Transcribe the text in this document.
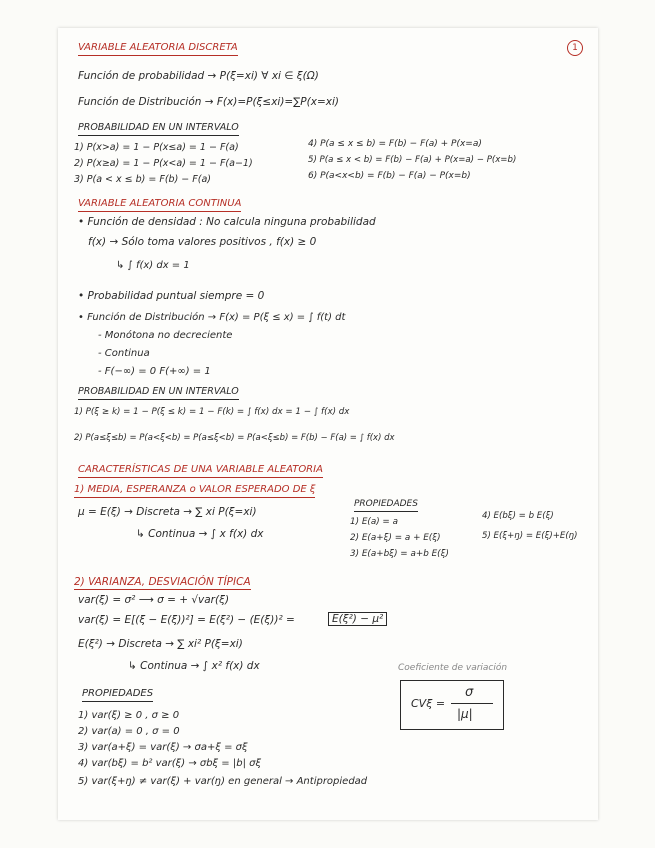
1
VARIABLE ALEATORIA DISCRETA
Función de probabilidad → P(ξ=xi) ∀ xi ∈ ξ(Ω)
Función de Distribución → F(x)=P(ξ≤xi)=∑P(x=xi)
PROBABILIDAD EN UN INTERVALO
1) P(x>a) = 1 − P(x≤a) = 1 − F(a)
2) P(x≥a) = 1 − P(x<a) = 1 − F(a−1)
3) P(a < x ≤ b) = F(b) − F(a)
4) P(a ≤ x ≤ b) = F(b) − F(a) + P(x=a)
5) P(a ≤ x < b) = F(b) − F(a) + P(x=a) − P(x=b)
6) P(a<x<b) = F(b) − F(a) − P(x=b)
VARIABLE ALEATORIA CONTINUA
• Función de densidad : No calcula ninguna probabilidad
f(x) → Sólo toma valores positivos , f(x) ≥ 0
↳ ∫ f(x) dx = 1
• Probabilidad puntual siempre = 0
• Función de Distribución → F(x) = P(ξ ≤ x) = ∫ f(t) dt
- Monótona no decreciente
- Continua
- F(−∞) = 0 F(+∞) = 1
PROBABILIDAD EN UN INTERVALO
1) P(ξ ≥ k) = 1 − P(ξ ≤ k) = 1 − F(k) = ∫ f(x) dx = 1 − ∫ f(x) dx
2) P(a≤ξ≤b) = P(a<ξ<b) = P(a≤ξ<b) = P(a<ξ≤b) = F(b) − F(a) = ∫ f(x) dx
CARACTERÍSTICAS DE UNA VARIABLE ALEATORIA
1) MEDIA, ESPERANZA o VALOR ESPERADO DE ξ
μ = E(ξ) → Discreta → ∑ xi P(ξ=xi)
↳ Continua → ∫ x f(x) dx
PROPIEDADES
1) E(a) = a
2) E(a+ξ) = a + E(ξ)
3) E(a+bξ) = a+b E(ξ)
4) E(bξ) = b E(ξ)
5) E(ξ+ŋ) = E(ξ)+E(ŋ)
2) VARIANZA, DESVIACIÓN TÍPICA
var(ξ) = σ² ⟶ σ = + √var(ξ)
var(ξ) = E[(ξ − E(ξ))²] = E(ξ²) − (E(ξ))² =	E(ξ²) − μ²
E(ξ²) → Discreta → ∑ xi² P(ξ=xi)
↳ Continua → ∫ x² f(x) dx	Coeficiente de variación
CVξ =
σ
|μ|
PROPIEDADES
1) var(ξ) ≥ 0 , σ ≥ 0
2) var(a) = 0 , σ = 0
3) var(a+ξ) = var(ξ) → σa+ξ = σξ
4) var(bξ) = b² var(ξ) → σbξ = |b| σξ
5) var(ξ+ŋ) ≠ var(ξ) + var(ŋ) en general → Antipropiedad
